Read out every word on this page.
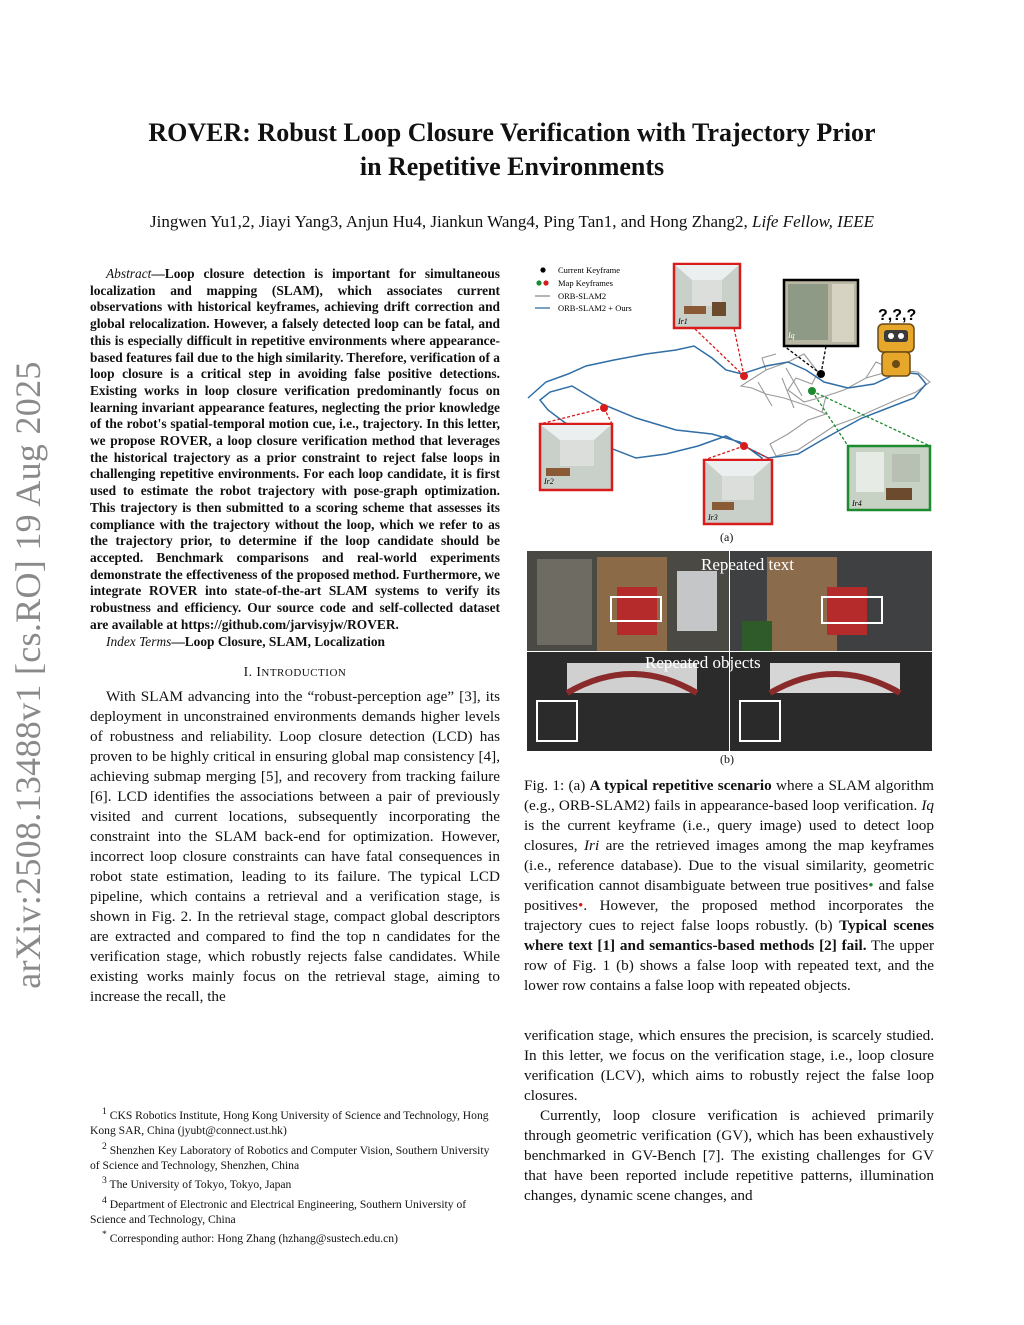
arXiv:2508.13488v1 [cs.RO] 19 Aug 2025
ROVER: Robust Loop Closure Verification with Trajectory Prior
in Repetitive Environments
Jingwen Yu1,2, Jiayi Yang3, Anjun Hu4, Jiankun Wang4, Ping Tan1, and Hong Zhang2, Life Fellow, IEEE

Abstract—Loop closure detection is important for simultaneous localization and mapping (SLAM), which associates current observations with historical keyframes, achieving drift correction and global relocalization. However, a falsely detected loop can be fatal, and this is especially difficult in repetitive environments where appearance-based features fail due to the high similarity. Therefore, verification of a loop closure is a critical step in avoiding false positive detections. Existing works in loop closure verification predominantly focus on learning invariant appearance features, neglecting the prior knowledge of the robot's spatial-temporal motion cue, i.e., trajectory. In this letter, we propose ROVER, a loop closure verification method that leverages the historical trajectory as a prior constraint to reject false loops in challenging repetitive environments. For each loop candidate, it is first used to estimate the robot trajectory with pose-graph optimization. This trajectory is then submitted to a scoring scheme that assesses its compliance with the trajectory without the loop, which we refer to as the trajectory prior, to determine if the loop candidate should be accepted. Benchmark comparisons and real-world experiments demonstrate the effectiveness of the proposed method. Furthermore, we integrate ROVER into state-of-the-art SLAM systems to verify its robustness and efficiency. Our source code and self-collected dataset are available at https://github.com/jarvisyjw/ROVER.

Index Terms—Loop Closure, SLAM, Localization

I. INTRODUCTION

With SLAM advancing into the “robust-perception age” [3], its deployment in unconstrained environments demands higher levels of robustness and reliability. Loop closure detection (LCD) has proven to be highly critical in ensuring global map consistency [4], achieving submap merging [5], and recovery from tracking failure [6]. LCD identifies the associations between a pair of previously visited and current locations, subsequently incorporating the constraint into the SLAM back-end for optimization. However, incorrect loop closure constraints can have fatal consequences in robot state estimation, leading to its failure. The typical LCD pipeline, which contains a retrieval and a verification stage, is shown in Fig. 2. In the retrieval stage, compact global descriptors are extracted and compared to find the top n candidates for the verification stage, which robustly rejects false candidates. While existing works mainly focus on the retrieval stage, aiming to increase the recall, the

$^1$ CKS Robotics Institute, Hong Kong University of Science and Technology, Hong Kong SAR, China (jyubt@connect.ust.hk)

$^2$ Shenzhen Key Laboratory of Robotics and Computer Vision, Southern University of Science and Technology, Shenzhen, China

$^3$ The University of Tokyo, Tokyo, Japan

$^4$ Department of Electronic and Electrical Engineering, Southern University of Science and Technology, China

* Corresponding author: Hong Zhang (hzhang@sustech.edu.cn)

Current Keyframe
Map Keyframes
ORB-SLAM2
ORB-SLAM2 + Ours
Ir1
Iq
Ir2
Ir3
Ir4
?,?,?
(a)
Repeated text
Repeated objects
(b)

Fig. 1: (a) A typical repetitive scenario where a SLAM algorithm (e.g., ORB-SLAM2) fails in appearance-based loop verification. Iq is the current keyframe (i.e., query image) used to detect loop closures, Iri are the retrieved images among the map keyframes (i.e., reference database). Due to the visual similarity, geometric verification cannot disambiguate between true positives• and false positives•. However, the proposed method incorporates the trajectory cues to reject false loops robustly. (b) Typical scenes where text [1] and semantics-based methods [2] fail. The upper row of Fig. 1 (b) shows a false loop with repeated text, and the lower row contains a false loop with repeated objects.

verification stage, which ensures the precision, is scarcely studied. In this letter, we focus on the verification stage, i.e., loop closure verification (LCV), which aims to robustly reject the false loop closures.

Currently, loop closure verification is achieved primarily through geometric verification (GV), which has been exhaustively benchmarked in GV-Bench [7]. The existing challenges for GV that have been reported include repetitive patterns, illumination changes, dynamic scene changes, and
